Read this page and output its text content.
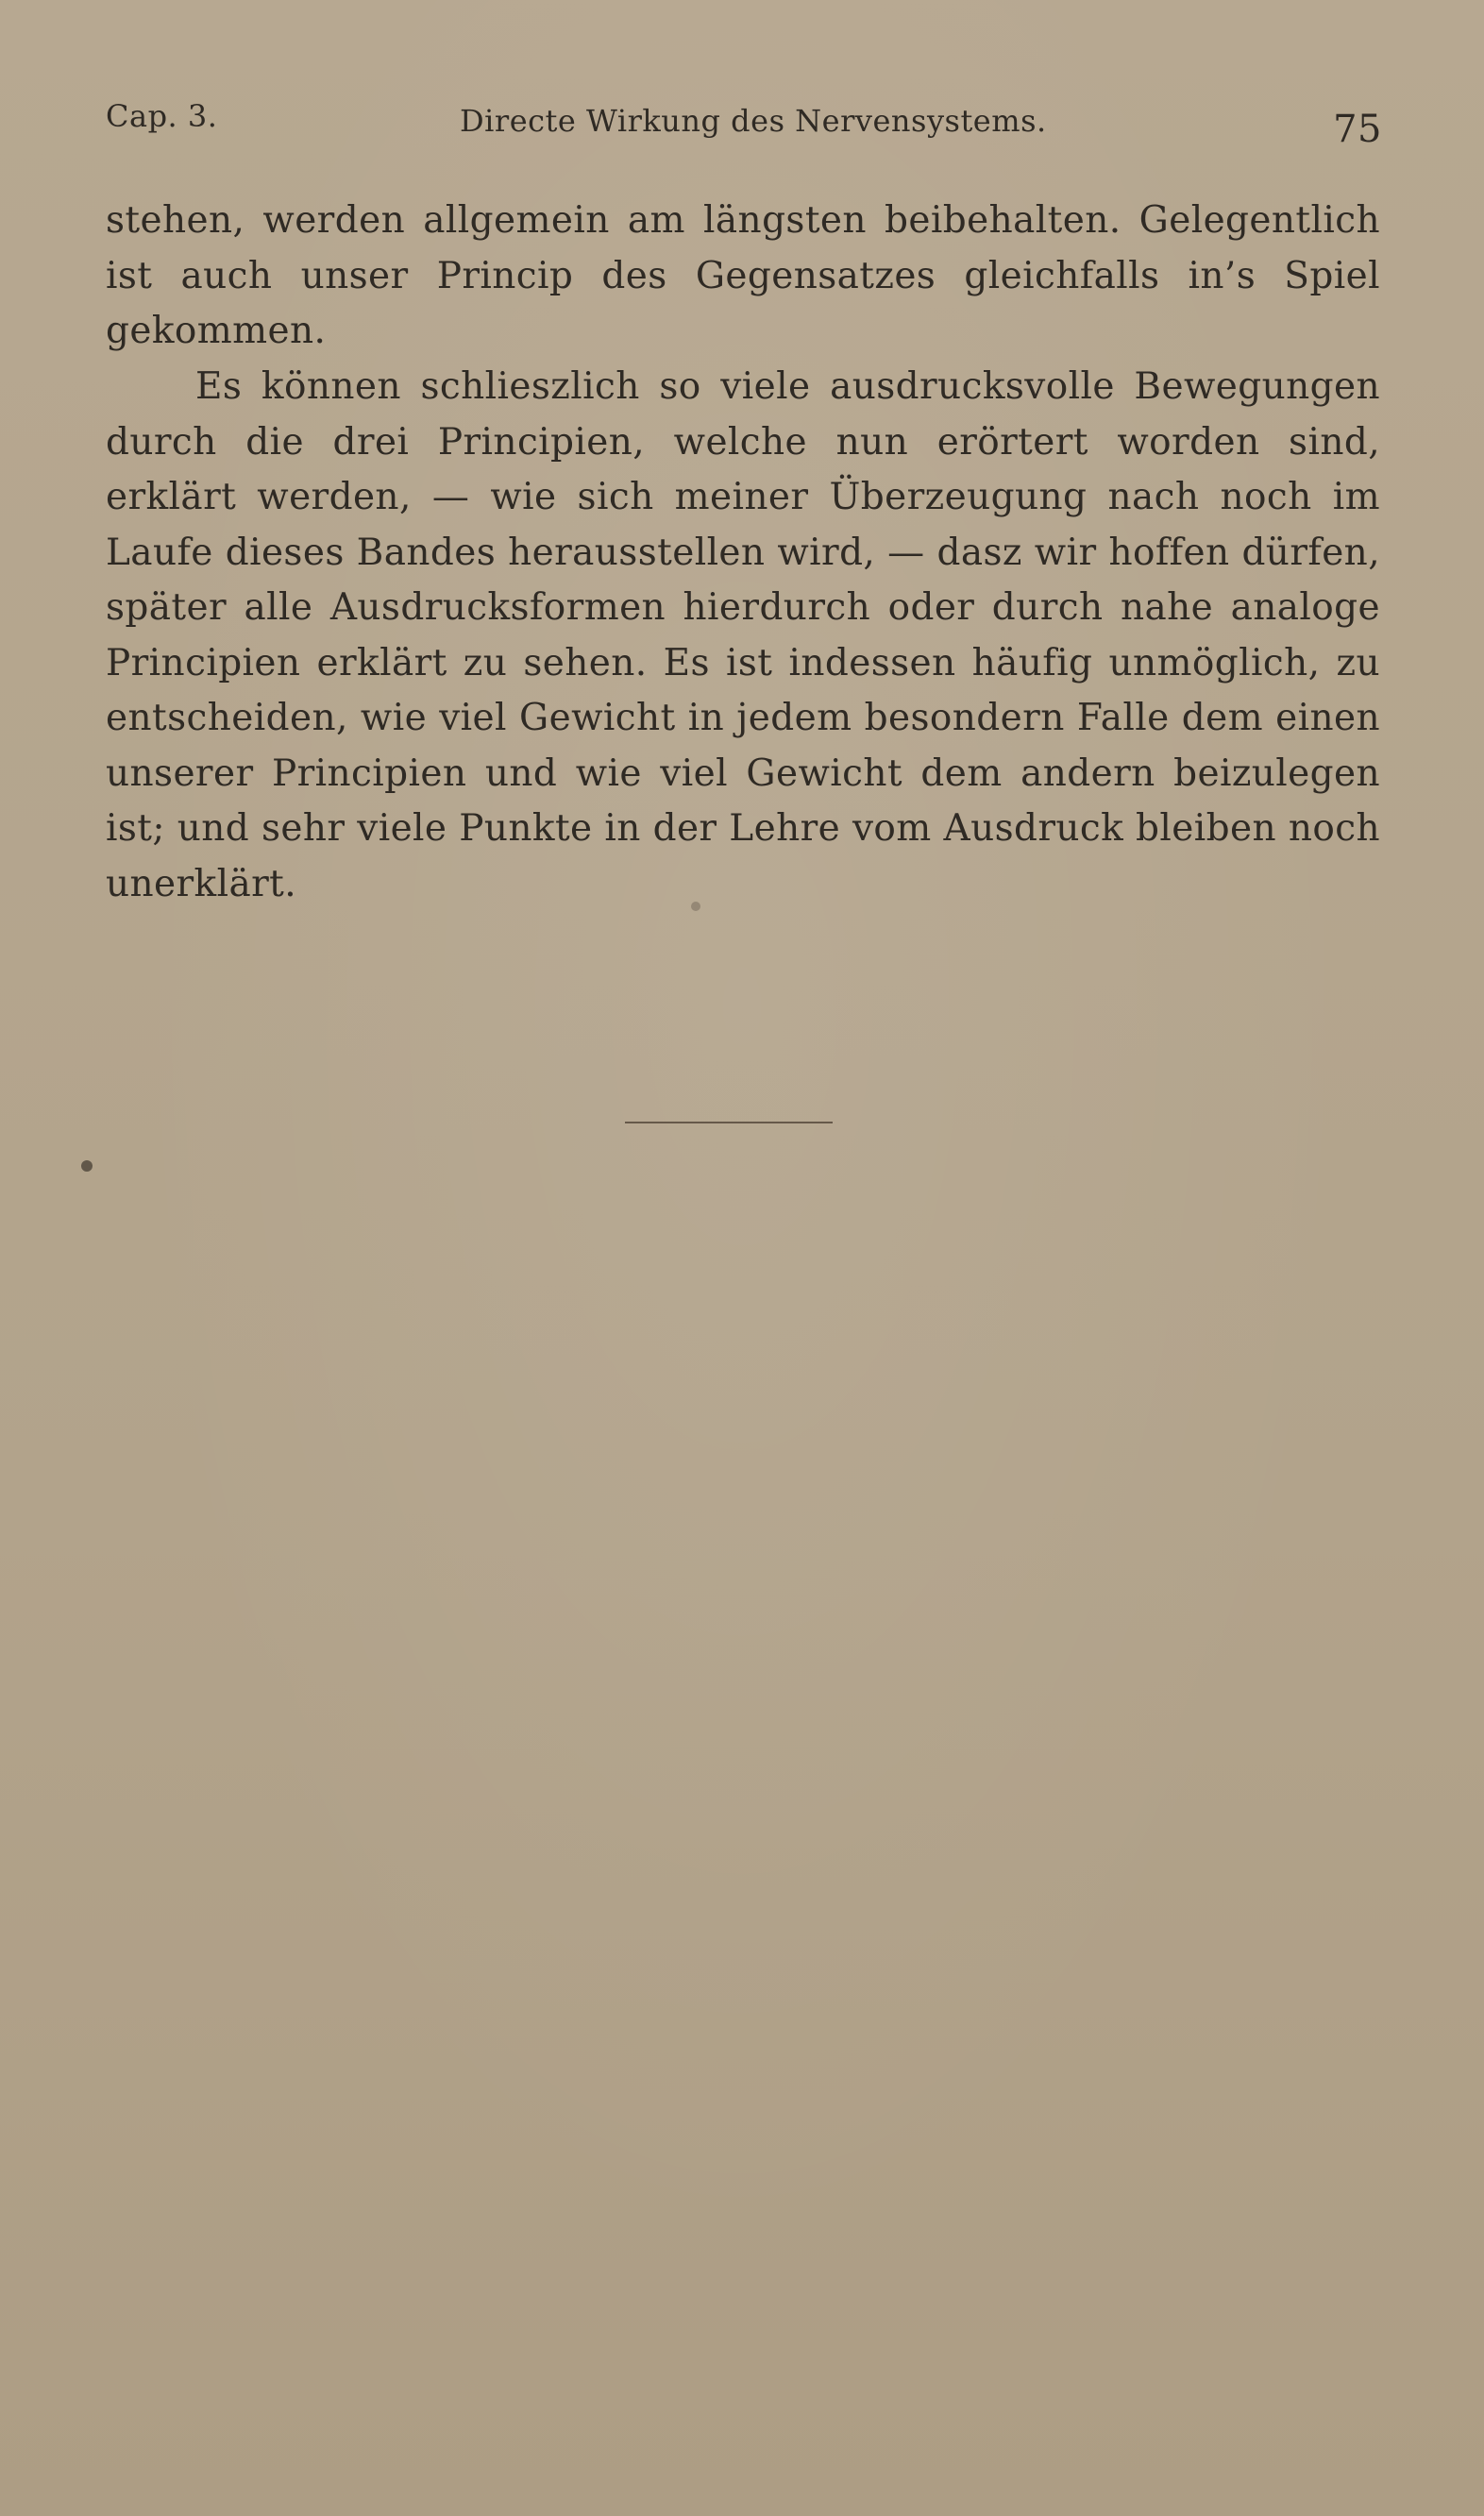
Cap. 3.	Directe Wirkung des Nervensystems.	75

stehen, werden allgemein am längsten beibehalten. Gelegentlich ist auch unser Princip des Gegensatzes gleichfalls in’s Spiel gekommen.

Es können schlieszlich so viele ausdrucksvolle Bewegungen durch die drei Principien, welche nun erörtert worden sind, erklärt werden, — wie sich meiner Überzeugung nach noch im Laufe dieses Bandes herausstellen wird, — dasz wir hoffen dürfen, später alle Ausdrucksformen hierdurch oder durch nahe analoge Principien erklärt zu sehen. Es ist indessen häufig unmöglich, zu entscheiden, wie viel Gewicht in jedem besondern Falle dem einen unserer Principien und wie viel Gewicht dem andern beizulegen ist; und sehr viele Punkte in der Lehre vom Ausdruck bleiben noch unerklärt.
